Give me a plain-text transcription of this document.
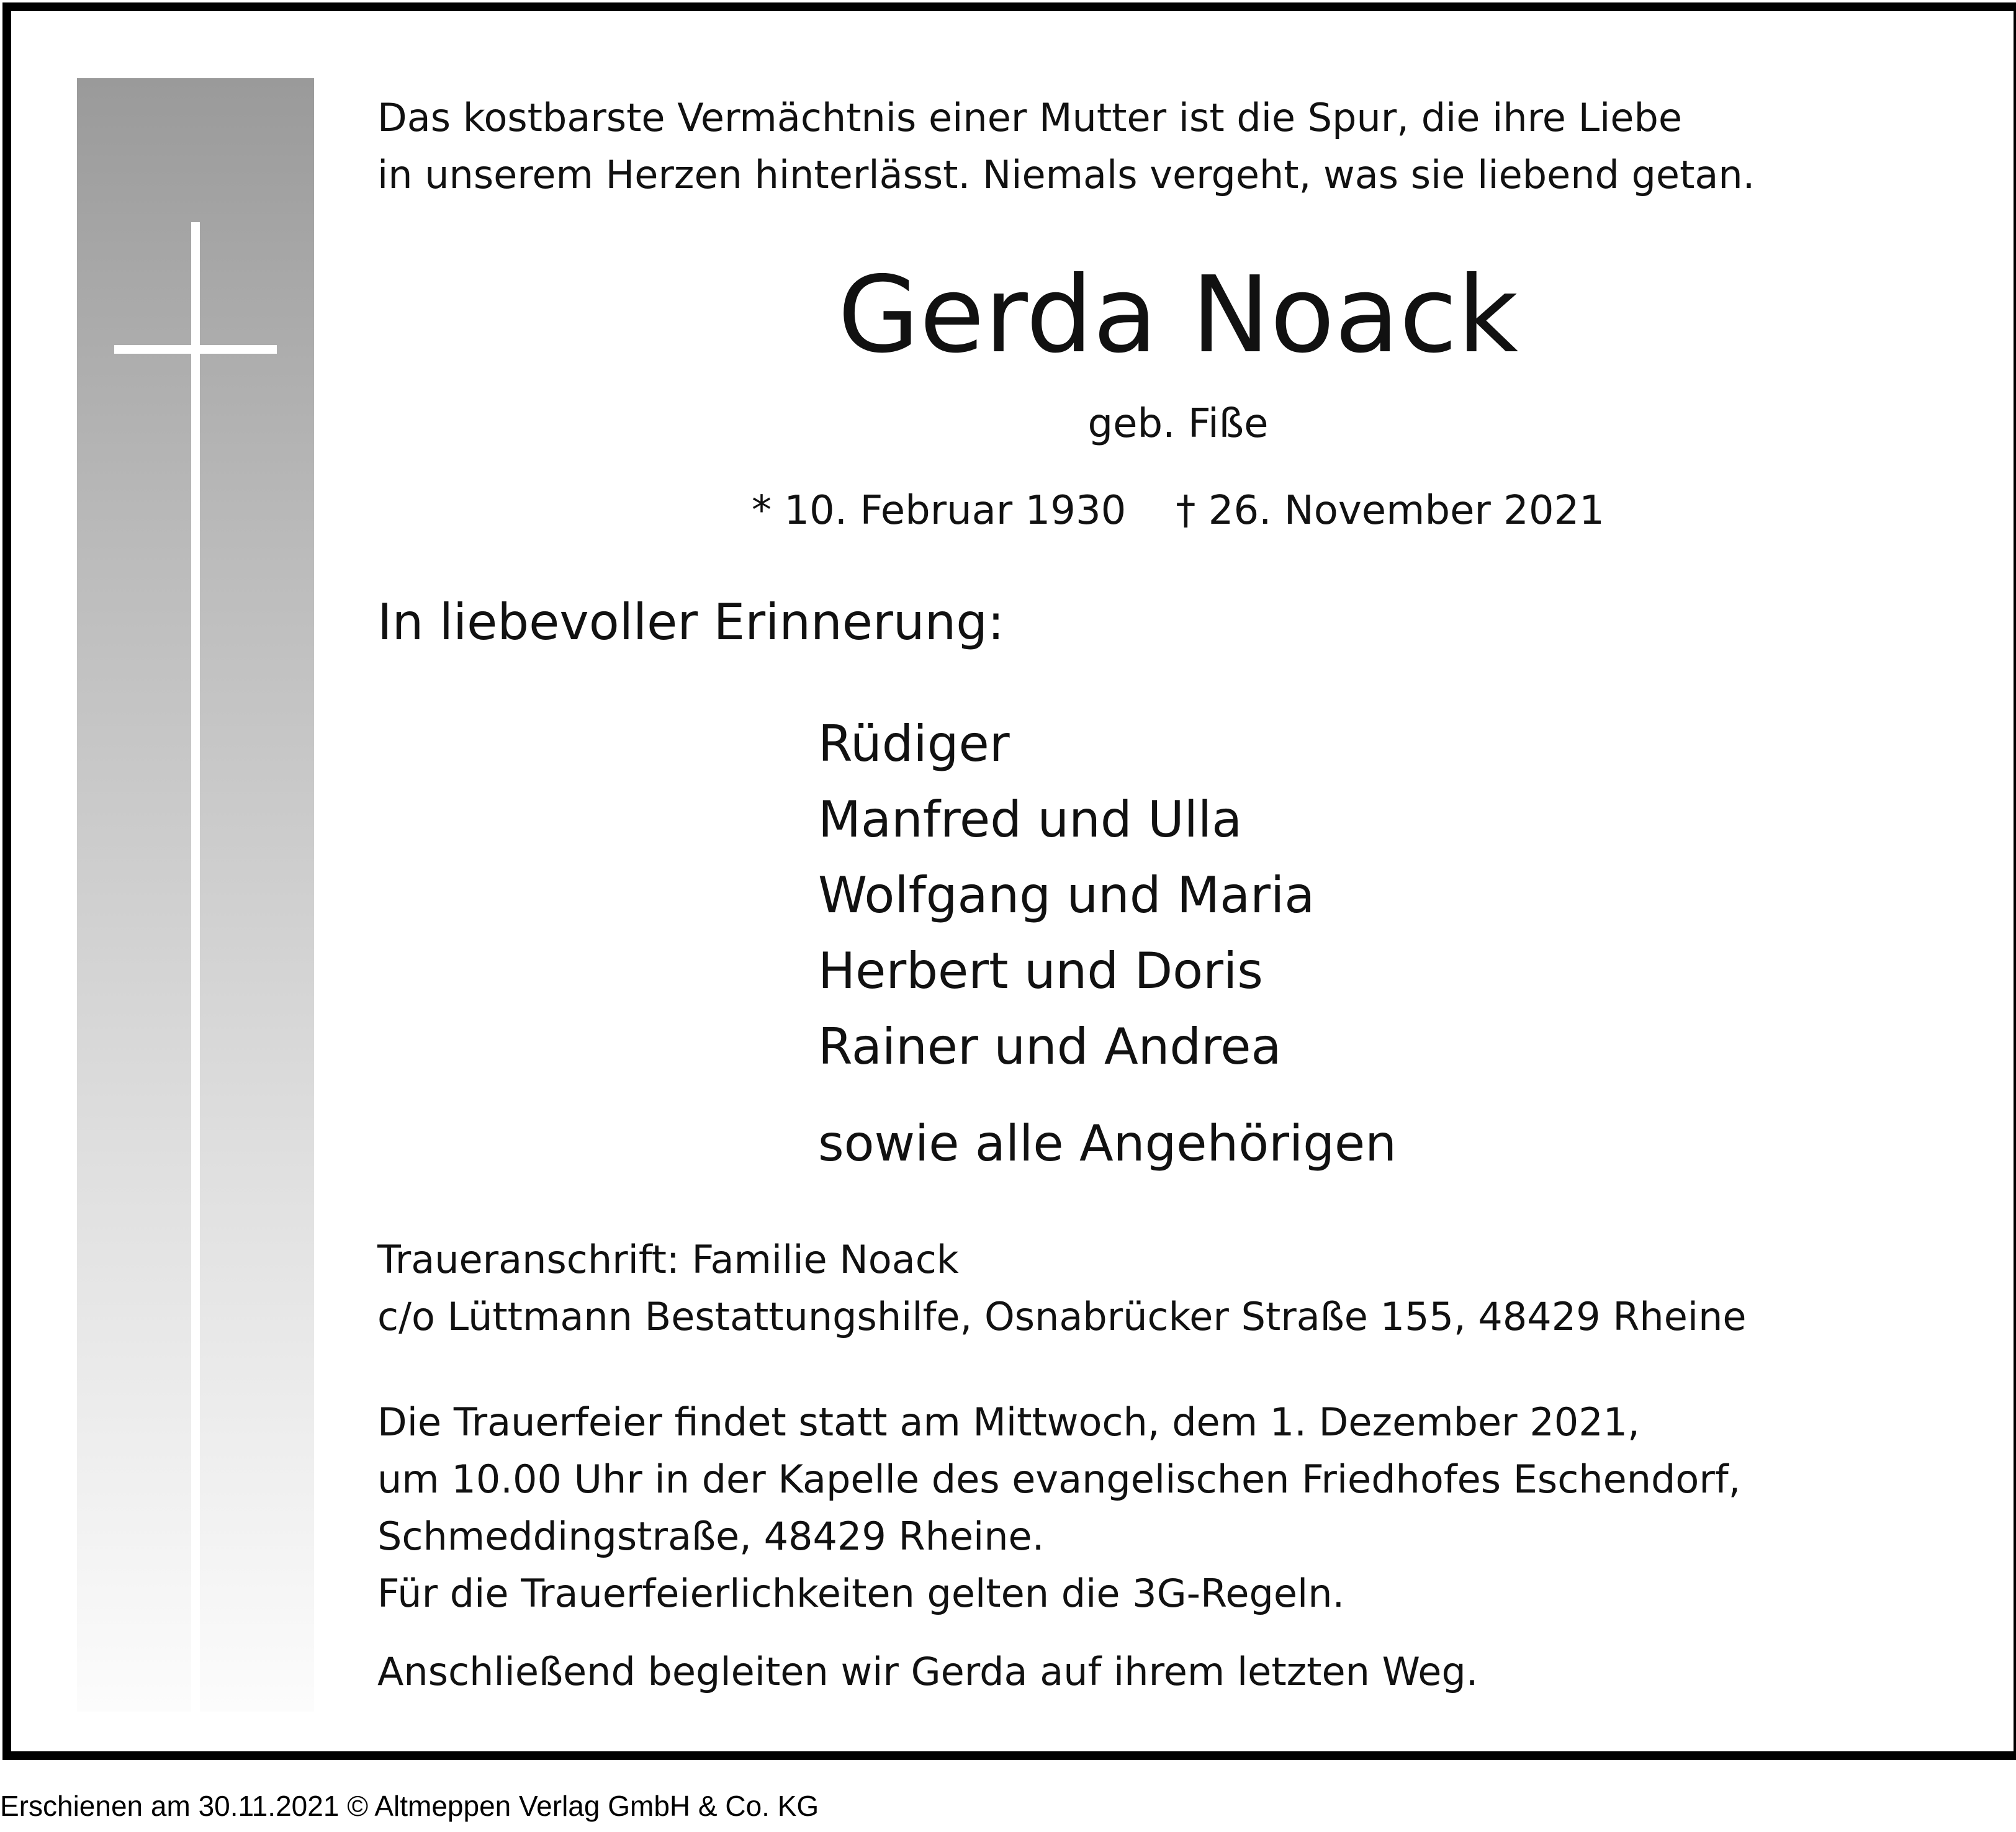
Das kostbarste Vermächtnis einer Mutter ist die Spur, die ihre Liebe
in unserem Herzen hinterlässt. Niemals vergeht, was sie liebend getan.
Gerda Noack
geb. Fiße
* 10. Februar 1930 † 26. November 2021
In liebevoller Erinnerung:
Rüdiger
Manfred und Ulla
Wolfgang und Maria
Herbert und Doris
Rainer und Andrea
sowie alle Angehörigen
Traueranschrift: Familie Noack
c/o Lüttmann Bestattungshilfe, Osnabrücker Straße 155, 48429 Rheine
Die Trauerfeier findet statt am Mittwoch, dem 1. Dezember 2021,
um 10.00 Uhr in der Kapelle des evangelischen Friedhofes Eschendorf,
Schmeddingstraße, 48429 Rheine.
Für die Trauerfeierlichkeiten gelten die 3G-Regeln.
Anschließend begleiten wir Gerda auf ihrem letzten Weg.
Erschienen am 30.11.2021 © Altmeppen Verlag GmbH & Co. KG
